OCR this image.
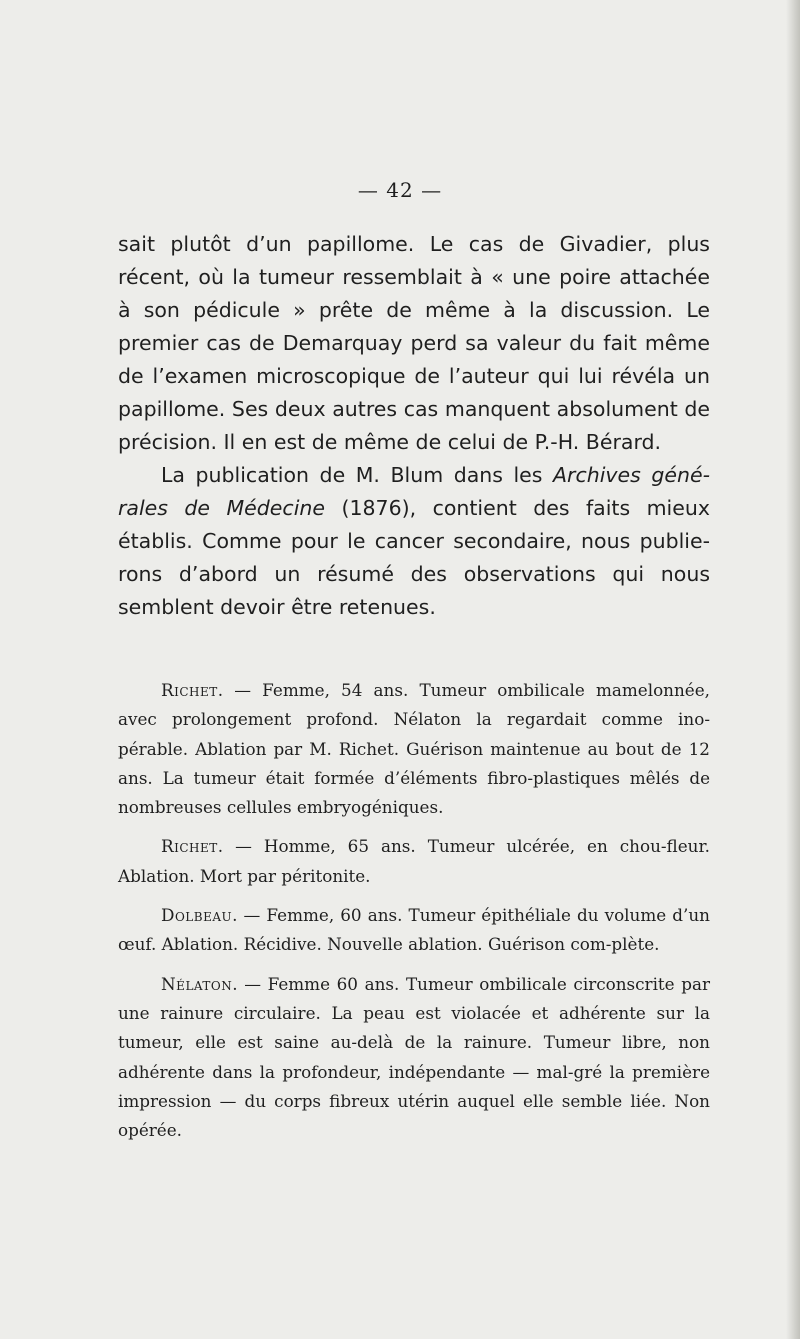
— 42 —

sait plutôt d’un papillome. Le cas de Givadier, plus récent, où la tumeur ressemblait à « une poire attachée à son pédicule » prête de même à la discussion. Le premier cas de Demarquay perd sa valeur du fait même de l’examen microscopique de l’auteur qui lui révéla un papillome. Ses deux autres cas manquent absolument de précision. Il en est de même de celui de P.-H. Bérard.

La publication de M. Blum dans les Archives géné-rales de Médecine (1876), contient des faits mieux établis. Comme pour le cancer secondaire, nous publie-rons d’abord un résumé des observations qui nous semblent devoir être retenues.

Richet. — Femme, 54 ans. Tumeur ombilicale mamelonnée, avec prolongement profond. Nélaton la regardait comme ino-pérable. Ablation par M. Richet. Guérison maintenue au bout de 12 ans. La tumeur était formée d’éléments fibro-plastiques mêlés de nombreuses cellules embryogéniques.

Richet. — Homme, 65 ans. Tumeur ulcérée, en chou-fleur. Ablation. Mort par péritonite.

Dolbeau. — Femme, 60 ans. Tumeur épithéliale du volume d’un œuf. Ablation. Récidive. Nouvelle ablation. Guérison com-plète.

Nélaton. — Femme 60 ans. Tumeur ombilicale circonscrite par une rainure circulaire. La peau est violacée et adhérente sur la tumeur, elle est saine au-delà de la rainure. Tumeur libre, non adhérente dans la profondeur, indépendante — mal-gré la première impression — du corps fibreux utérin auquel elle semble liée. Non opérée.
